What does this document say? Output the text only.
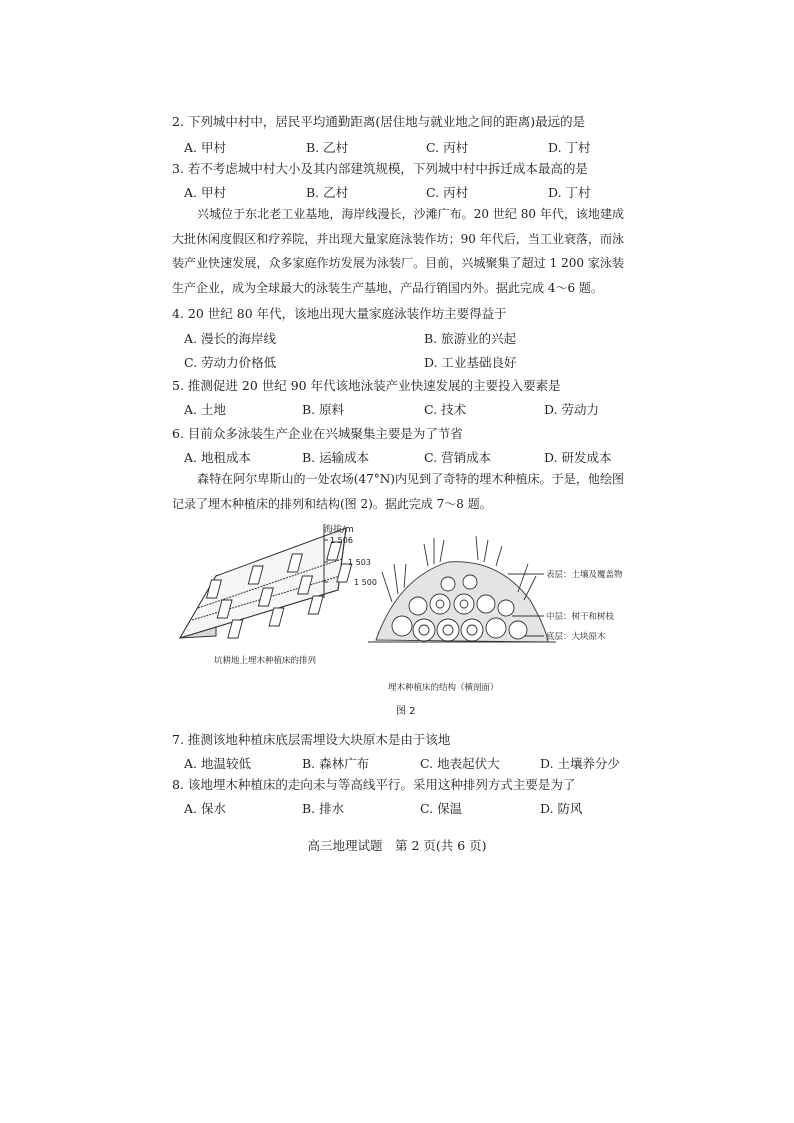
2. 下列城中村中，居民平均通勤距离(居住地与就业地之间的距离)最远的是
A. 甲村	B. 乙村	C. 丙村	D. 丁村
3. 若不考虑城中村大小及其内部建筑规模，下列城中村中拆迁成本最高的是
A. 甲村	B. 乙村	C. 丙村	D. 丁村
兴城位于东北老工业基地，海岸线漫长，沙滩广布。20 世纪 80 年代，该地建成大批休闲度假区和疗养院，并出现大量家庭泳装作坊；90 年代后，当工业衰落，而泳装产业快速发展，众多家庭作坊发展为泳装厂。目前，兴城聚集了超过 1 200 家泳装生产企业，成为全球最大的泳装生产基地，产品行销国内外。据此完成 4～6 题。
4. 20 世纪 80 年代，该地出现大量家庭泳装作坊主要得益于
A. 漫长的海岸线	B. 旅游业的兴起
C. 劳动力价格低	D. 工业基础良好
5. 推测促进 20 世纪 90 年代该地泳装产业快速发展的主要投入要素是
A. 土地	B. 原料	C. 技术	D. 劳动力
6. 目前众多泳装生产企业在兴城聚集主要是为了节省
A. 地租成本	B. 运输成本	C. 营销成本	D. 研发成本
森特在阿尔卑斯山的一处农场(47°N)内见到了奇特的埋木种植床。于是，他绘图记录了埋木种植床的排列和结构(图 2)。据此完成 7～8 题。
海拔/m
1 506
1 503
1 500
坑耕地上埋木种植床的排列
表层：土壤及覆盖物
中层：树干和树枝
底层：大块原木
埋木种植床的结构（横剖面）
图 2
7. 推测该地种植床底层需埋设大块原木是由于该地
A. 地温较低	B. 森林广布	C. 地表起伏大	D. 土壤养分少
8. 该地埋木种植床的走向未与等高线平行。采用这种排列方式主要是为了
A. 保水	B. 排水	C. 保温	D. 防风
高三地理试题　第 2 页(共 6 页)
